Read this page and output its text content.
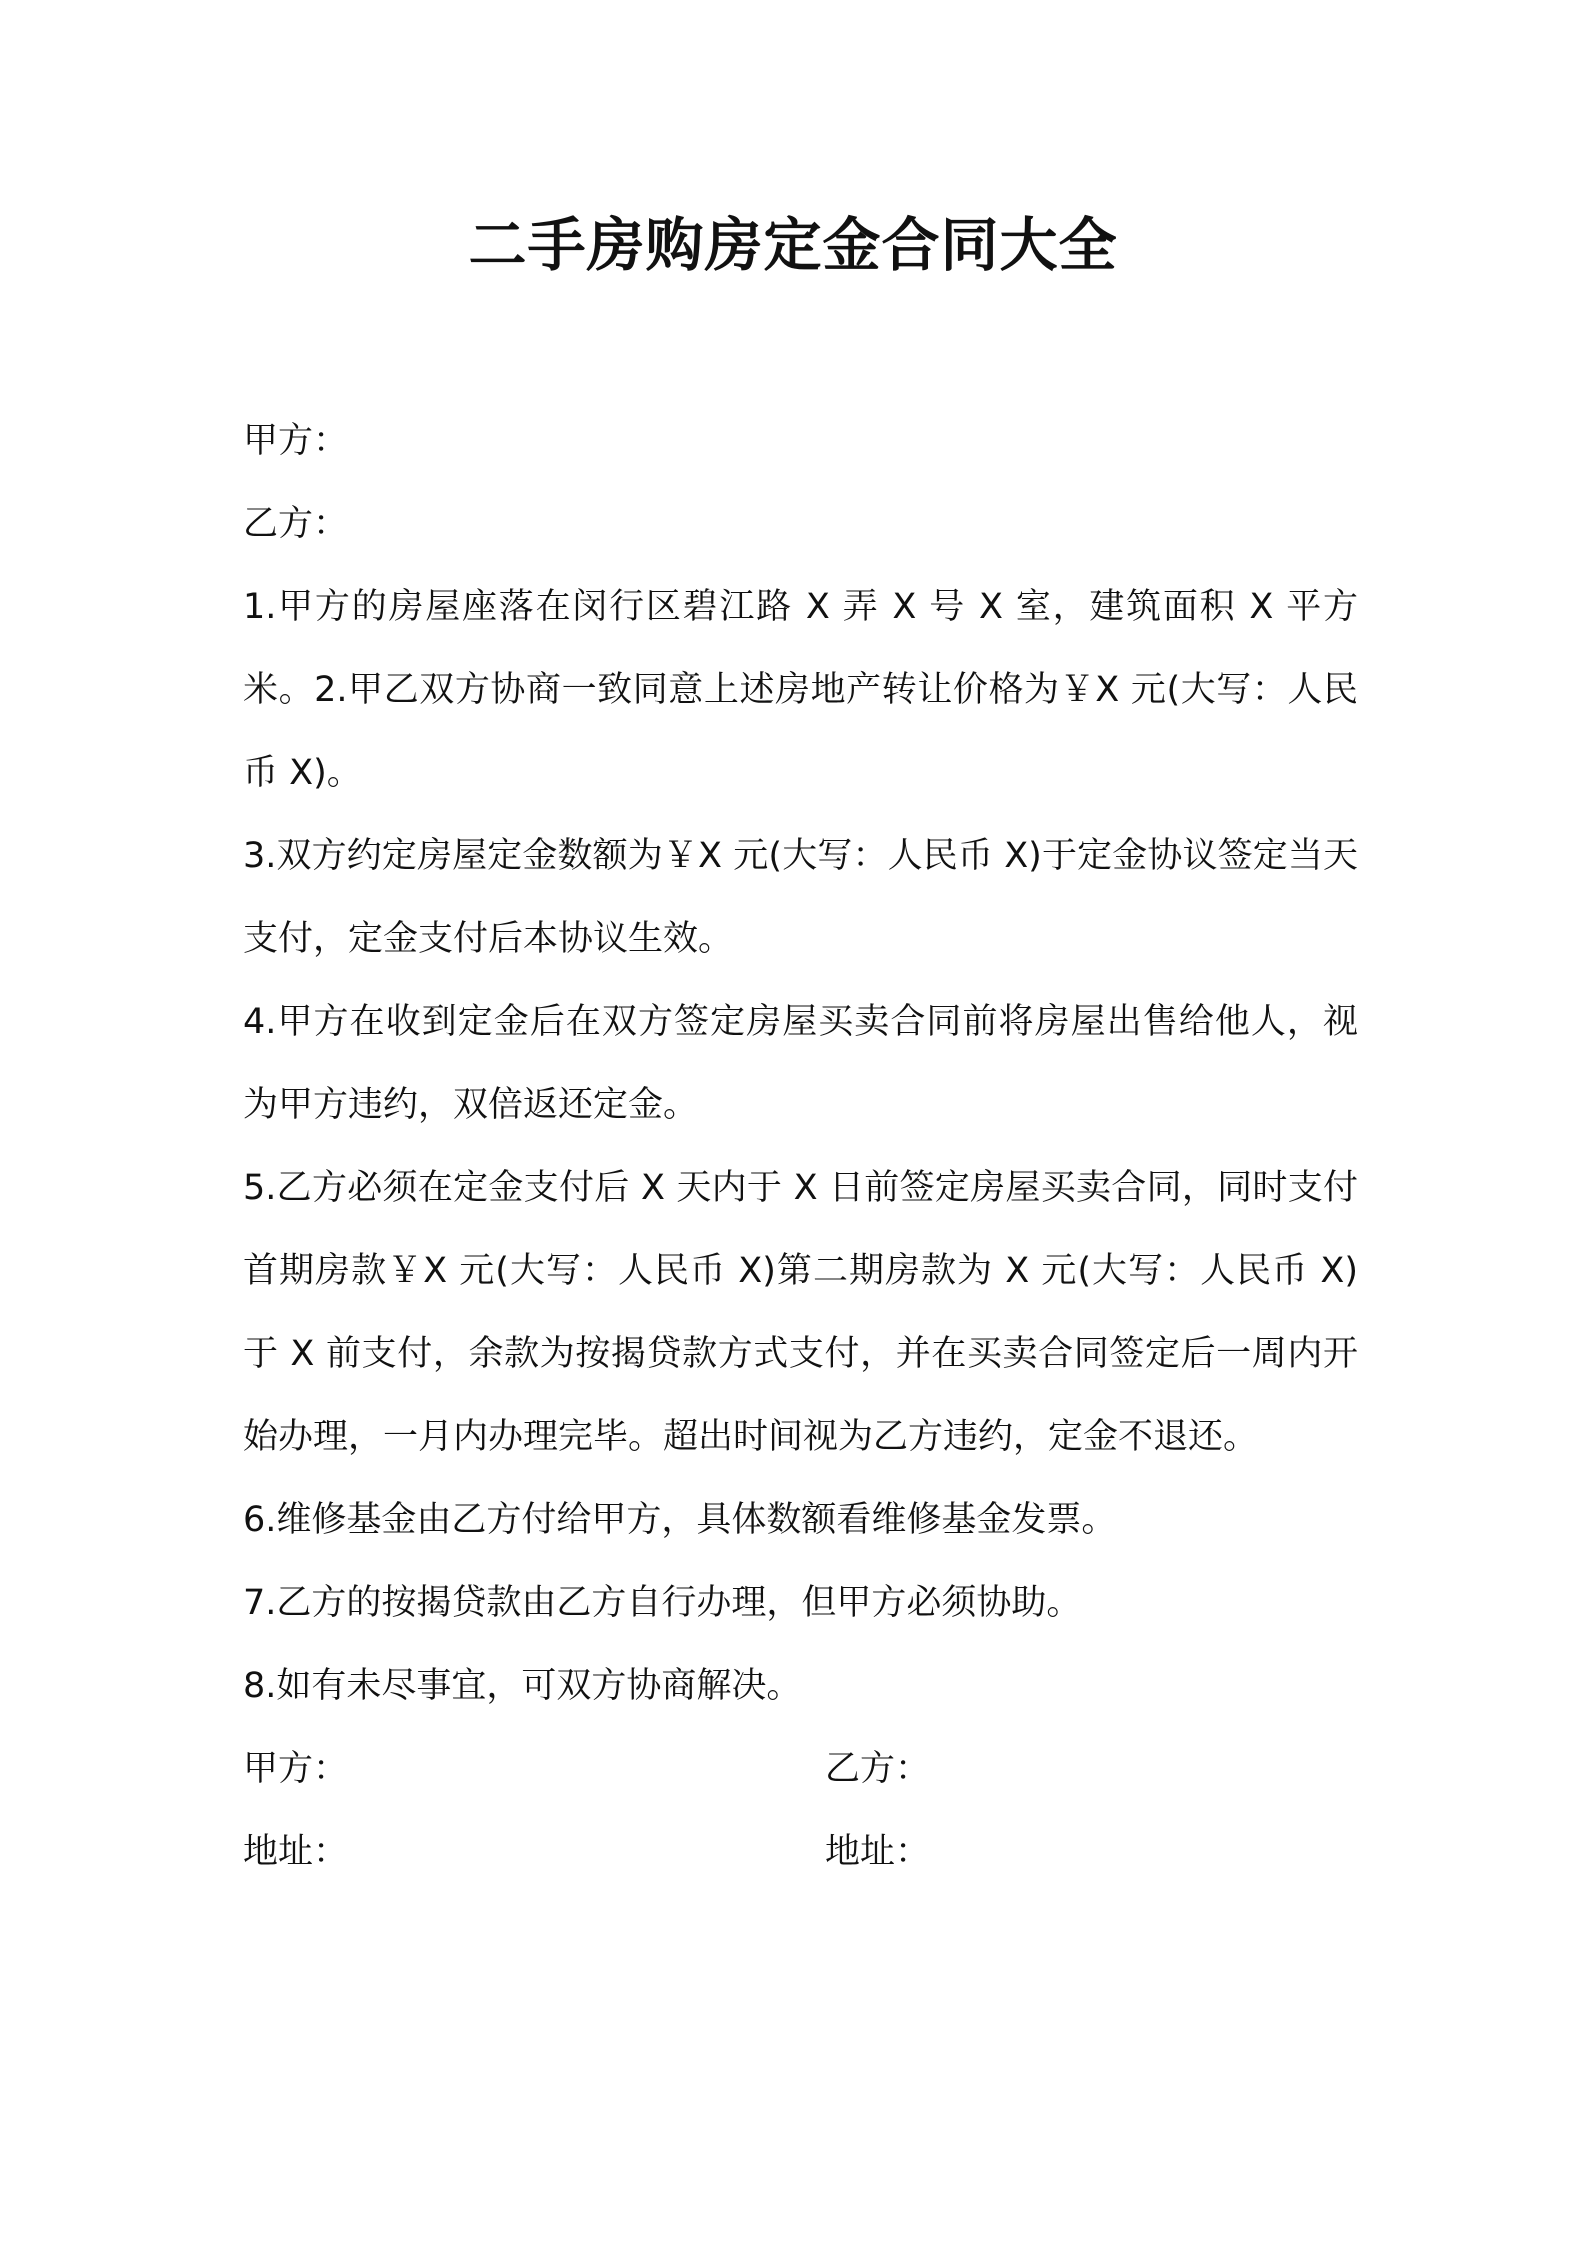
二手房购房定金合同大全

甲方：

乙方：

1.甲方的房屋座落在闵行区碧江路 X 弄 X 号 X 室，建筑面积 X 平方米。2.甲乙双方协商一致同意上述房地产转让价格为￥X 元(大写：人民币 X)。

3.双方约定房屋定金数额为￥X 元(大写：人民币 X)于定金协议签定当天支付，定金支付后本协议生效。

4.甲方在收到定金后在双方签定房屋买卖合同前将房屋出售给他人，视为甲方违约，双倍返还定金。

5.乙方必须在定金支付后 X 天内于 X 日前签定房屋买卖合同，同时支付首期房款￥X 元(大写：人民币 X)第二期房款为 X 元(大写：人民币 X)于 X 前支付，余款为按揭贷款方式支付，并在买卖合同签定后一周内开始办理，一月内办理完毕。超出时间视为乙方违约，定金不退还。

6.维修基金由乙方付给甲方，具体数额看维修基金发票。

7.乙方的按揭贷款由乙方自行办理，但甲方必须协助。

8.如有未尽事宜，可双方协商解决。

甲方：	乙方：
地址：	地址：
